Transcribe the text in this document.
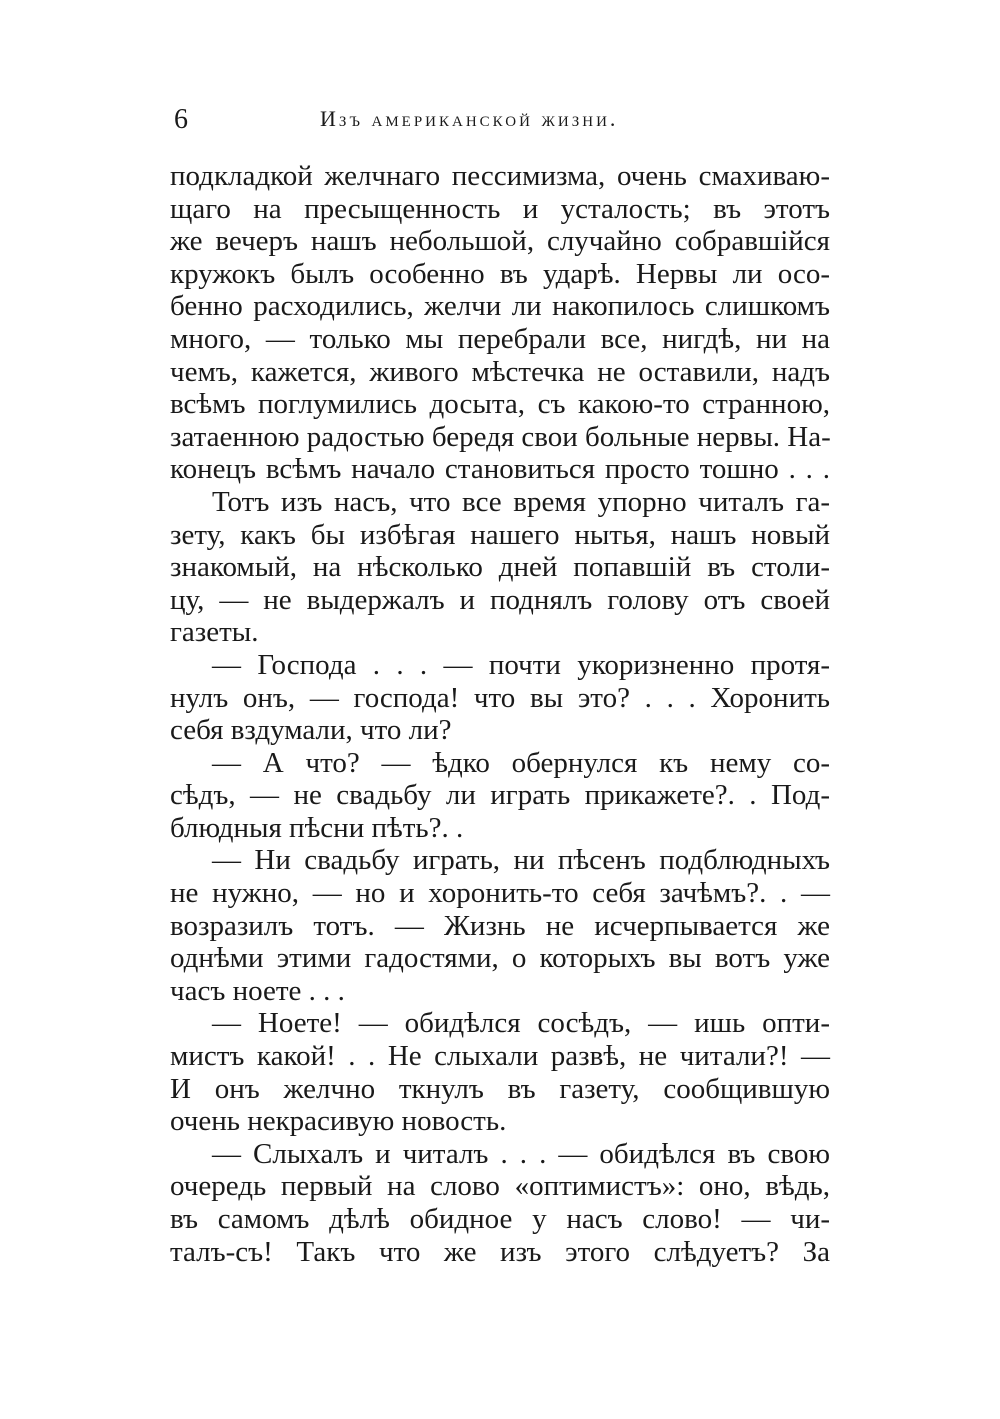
6	Изъ американской жизни.
подкладкой желчнаго пессимизма, очень смахиваю-
щаго на пресыщенность и усталость; въ этотъ
же вечеръ нашъ небольшой, случайно собравшійся
кружокъ былъ особенно въ ударѣ. Нервы ли осо-
бенно расходились, желчи ли накопилось слишкомъ
много, — только мы перебрали все, нигдѣ, ни на
чемъ, кажется, живого мѣстечка не оставили, надъ
всѣмъ поглумились досыта, съ какою-то странною,
затаенною радостью бередя свои больные нервы. На-
конецъ всѣмъ начало становиться просто тошно . . .
Тотъ изъ насъ, что все время упорно читалъ га-
зету, какъ бы избѣгая нашего нытья, нашъ новый
знакомый, на нѣсколько дней попавшій въ столи-
цу, — не выдержалъ и поднялъ голову отъ своей
газеты.
— Господа . . . — почти укоризненно протя-
нулъ онъ, — господа! что вы это? . . . Хоронить
себя вздумали, что ли?
— А что? — ѣдко обернулся къ нему со-
сѣдъ, — не свадьбу ли играть прикажете?. . Под-
блюдныя пѣсни пѣть?. .
— Ни свадьбу играть, ни пѣсенъ подблюдныхъ
не нужно, — но и хоронить-то себя зачѣмъ?. . —
возразилъ тотъ. — Жизнь не исчерпывается же
однѣми этими гадостями, о которыхъ вы вотъ уже
часъ ноете . . .
— Ноете! — обидѣлся сосѣдъ, — ишь опти-
мистъ какой! . . Не слыхали развѣ, не читали?! —
И онъ желчно ткнулъ въ газету, сообщившую
очень некрасивую новость.
— Слыхалъ и читалъ . . . — обидѣлся въ свою
очередь первый на слово «оптимистъ»: оно, вѣдь,
въ самомъ дѣлѣ обидное у насъ слово! — чи-
талъ-съ! Такъ что же изъ этого слѣдуетъ? За
